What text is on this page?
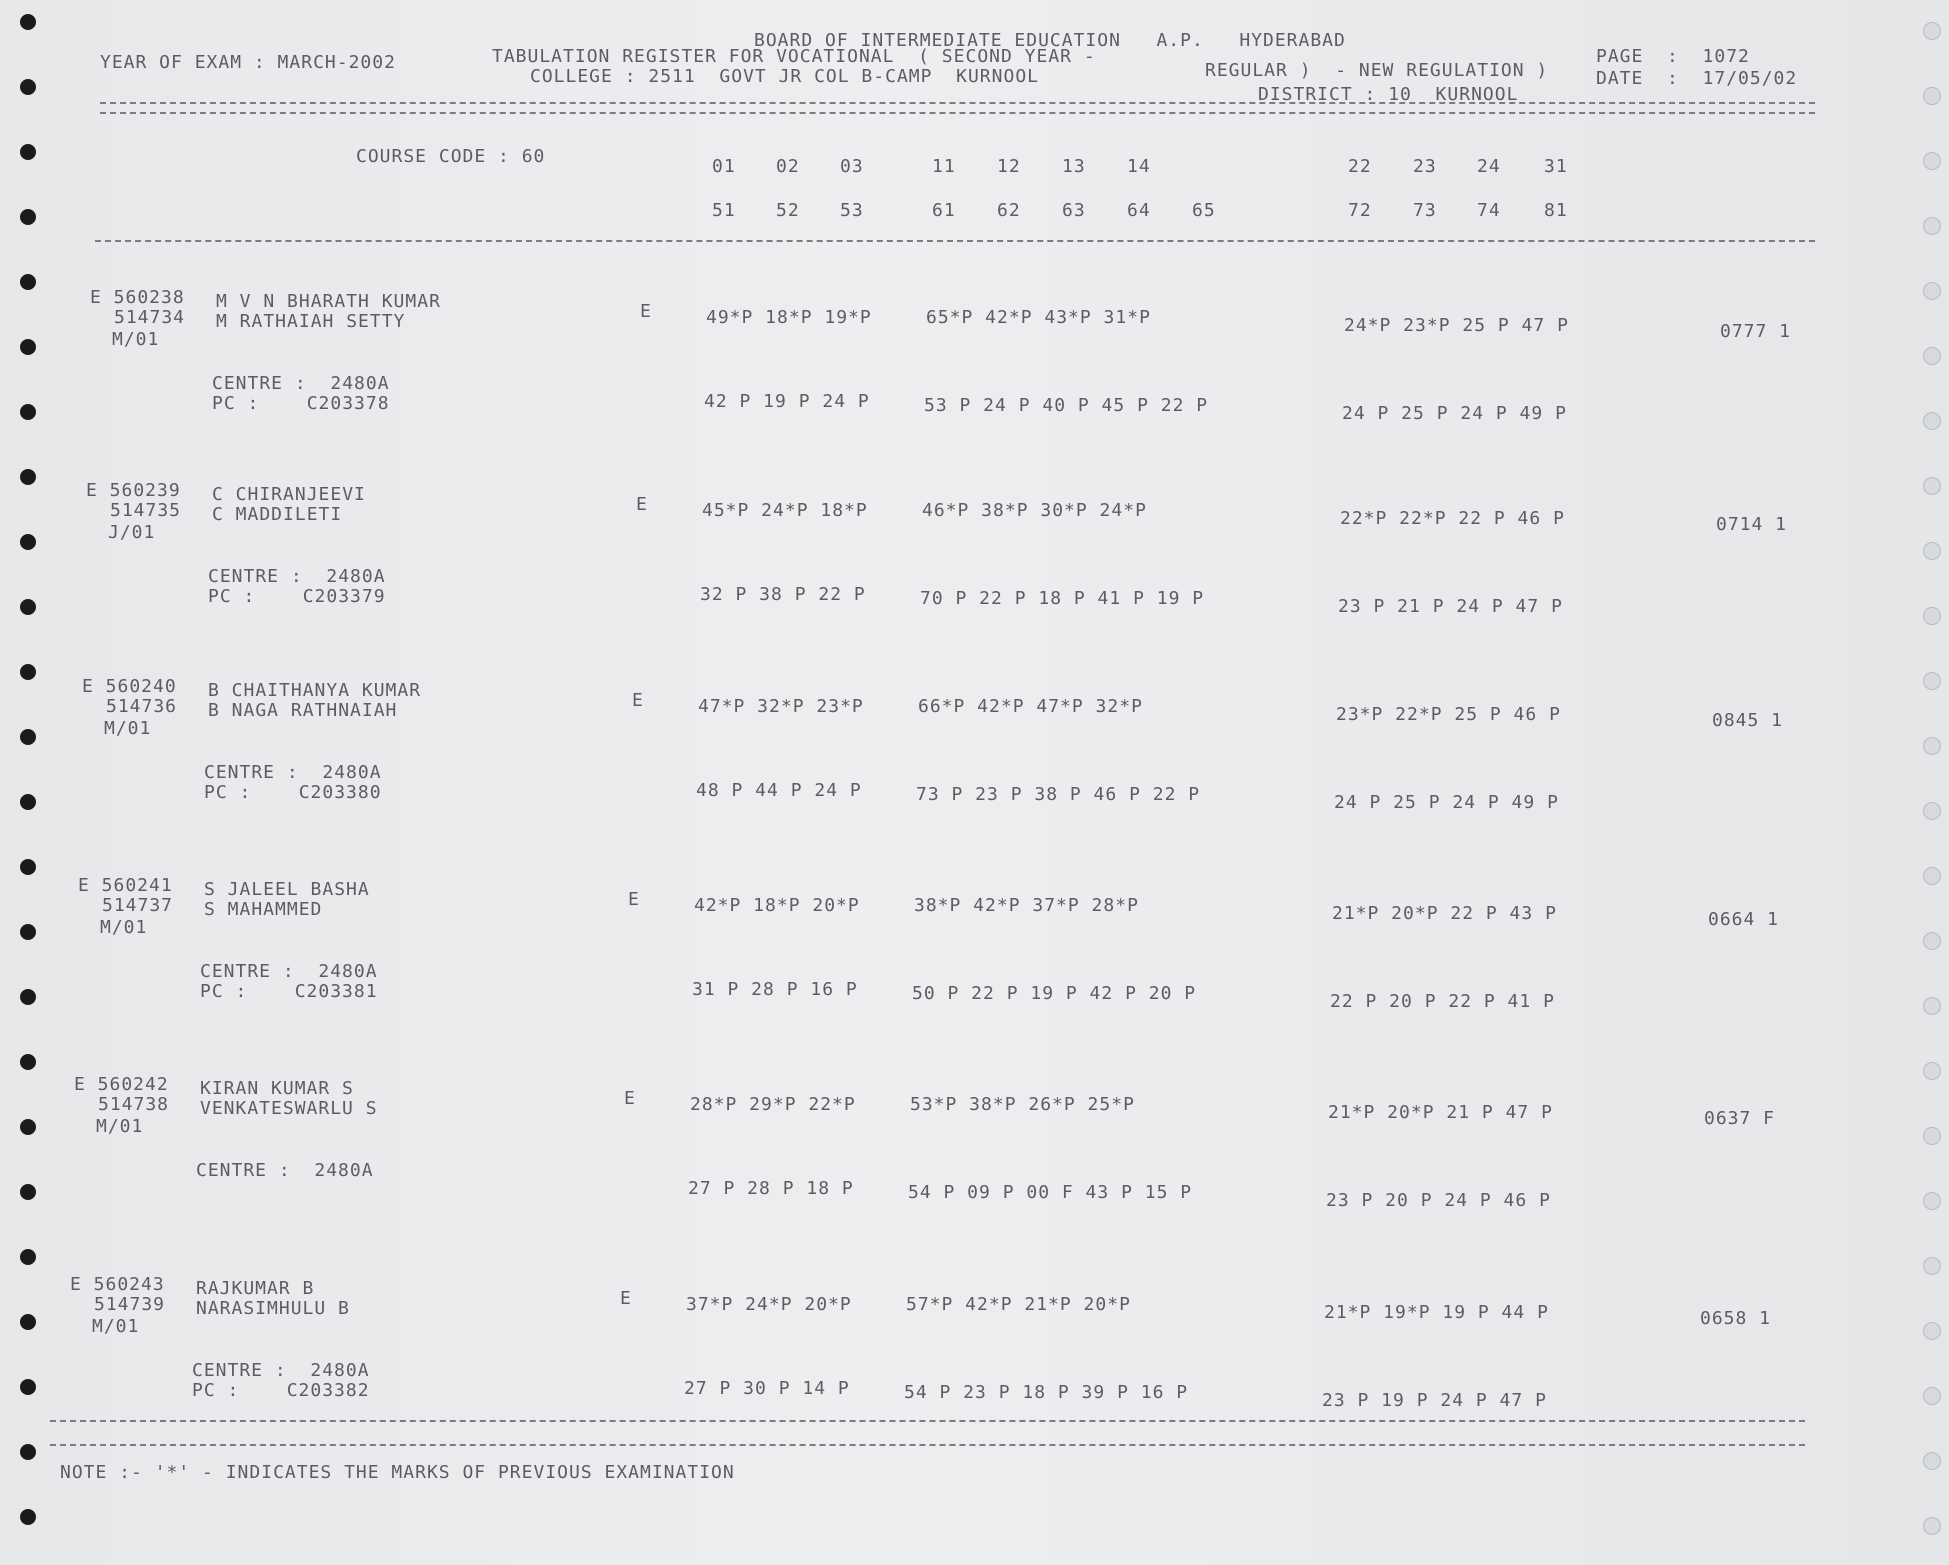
BOARD OF INTERMEDIATE EDUCATION   A.P.   HYDERABAD
TABULATION REGISTER FOR VOCATIONAL  ( SECOND YEAR -
REGULAR )  - NEW REGULATION )
YEAR OF EXAM : MARCH-2002
COLLEGE : 2511  GOVT JR COL B-CAMP  KURNOOL
DISTRICT : 10  KURNOOL
PAGE  :  1072
DATE  :  17/05/02
COURSE CODE : 60	01 02 03	11 12 13 14	22 23 24 31
51 52 53	61 62 63 64 65	72 73 74 81
E 560238 M V N BHARATH KUMAR
514734 M RATHAIAH SETTY
M/01
E	49*P 18*P 19*P	65*P 42*P 43*P 31*P	24*P 23*P 25 P 47 P	0777 1
CENTRE :  2480A
PC :    C203378	42 P 19 P 24 P	53 P 24 P 40 P 45 P 22 P	24 P 25 P 24 P 49 P
E 560239 C CHIRANJEEVI
514735 C MADDILETI
J/01
E	45*P 24*P 18*P	46*P 38*P 30*P 24*P	22*P 22*P 22 P 46 P	0714 1
CENTRE :  2480A
PC :    C203379	32 P 38 P 22 P	70 P 22 P 18 P 41 P 19 P	23 P 21 P 24 P 47 P
E 560240 B CHAITHANYA KUMAR
514736 B NAGA RATHNAIAH
M/01
E	47*P 32*P 23*P	66*P 42*P 47*P 32*P	23*P 22*P 25 P 46 P	0845 1
CENTRE :  2480A
PC :    C203380	48 P 44 P 24 P	73 P 23 P 38 P 46 P 22 P	24 P 25 P 24 P 49 P
E 560241 S JALEEL BASHA
514737 S MAHAMMED
M/01
E	42*P 18*P 20*P	38*P 42*P 37*P 28*P	21*P 20*P 22 P 43 P	0664 1
CENTRE :  2480A
PC :    C203381	31 P 28 P 16 P	50 P 22 P 19 P 42 P 20 P	22 P 20 P 22 P 41 P
E 560242 KIRAN KUMAR S
514738 VENKATESWARLU S
M/01
E	28*P 29*P 22*P	53*P 38*P 26*P 25*P	21*P 20*P 21 P 47 P	0637 F
CENTRE :  2480A
27 P 28 P 18 P	54 P 09 P 00 F 43 P 15 P	23 P 20 P 24 P 46 P
E 560243 RAJKUMAR B
514739 NARASIMHULU B
M/01
E	37*P 24*P 20*P	57*P 42*P 21*P 20*P	21*P 19*P 19 P 44 P	0658 1
CENTRE :  2480A
PC :    C203382	27 P 30 P 14 P	54 P 23 P 18 P 39 P 16 P	23 P 19 P 24 P 47 P
NOTE :- '*' - INDICATES THE MARKS OF PREVIOUS EXAMINATION
